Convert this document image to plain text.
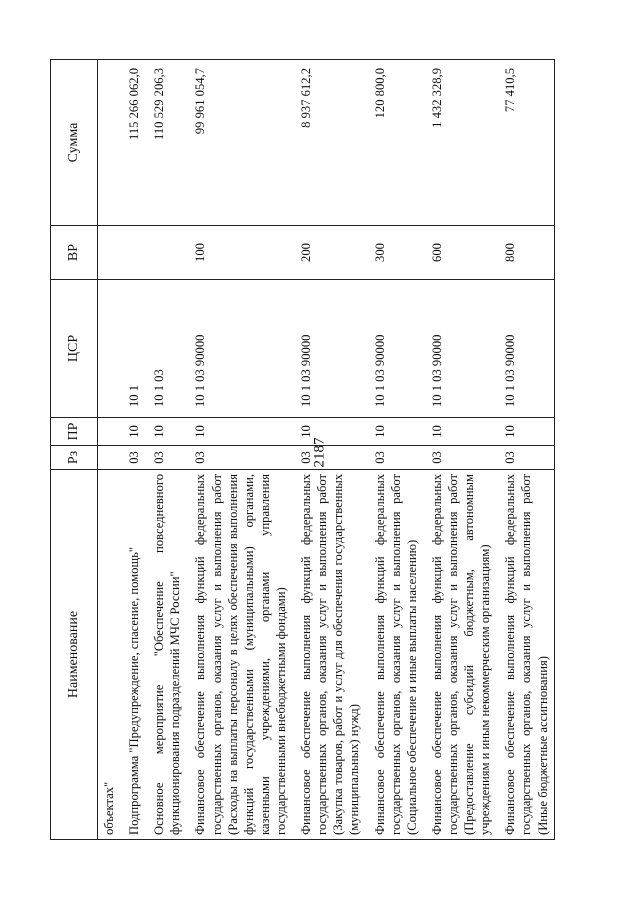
2187
Наименование	Рз	ПР	ЦСР	ВР	Сумма
объектах"					
Подпрограмма "Предупреждение, спасение, помощь"	03	10	10 1		115 266 062,0
Основное мероприятие "Обеспечение повседневного функционирования подразделений МЧС России"	03	10	10 1 03		110 529 206,3
Финансовое обеспечение выполнения функций федеральных государственных органов, оказания услуг и выполнения работ (Расходы на выплаты персоналу в целях обеспечения выполнения функций государственными (муниципальными) органами, казенными учреждениями, органами управления государственными внебюджетными фондами)	03	10	10 1 03 90000	100	99 961 054,7
Финансовое обеспечение выполнения функций федеральных государственных органов, оказания услуг и выполнения работ (Закупка товаров, работ и услуг для обеспечения государственных (муниципальных) нужд)	03	10	10 1 03 90000	200	8 937 612,2
Финансовое обеспечение выполнения функций федеральных государственных органов, оказания услуг и выполнения работ (Социальное обеспечение и иные выплаты населению)	03	10	10 1 03 90000	300	120 800,0
Финансовое обеспечение выполнения функций федеральных государственных органов, оказания услуг и выполнения работ (Предоставление субсидий бюджетным, автономным учреждениям и иным некоммерческим организациям)	03	10	10 1 03 90000	600	1 432 328,9
Финансовое обеспечение выполнения функций федеральных государственных органов, оказания услуг и выполнения работ (Иные бюджетные ассигнования)	03	10	10 1 03 90000	800	77 410,5
